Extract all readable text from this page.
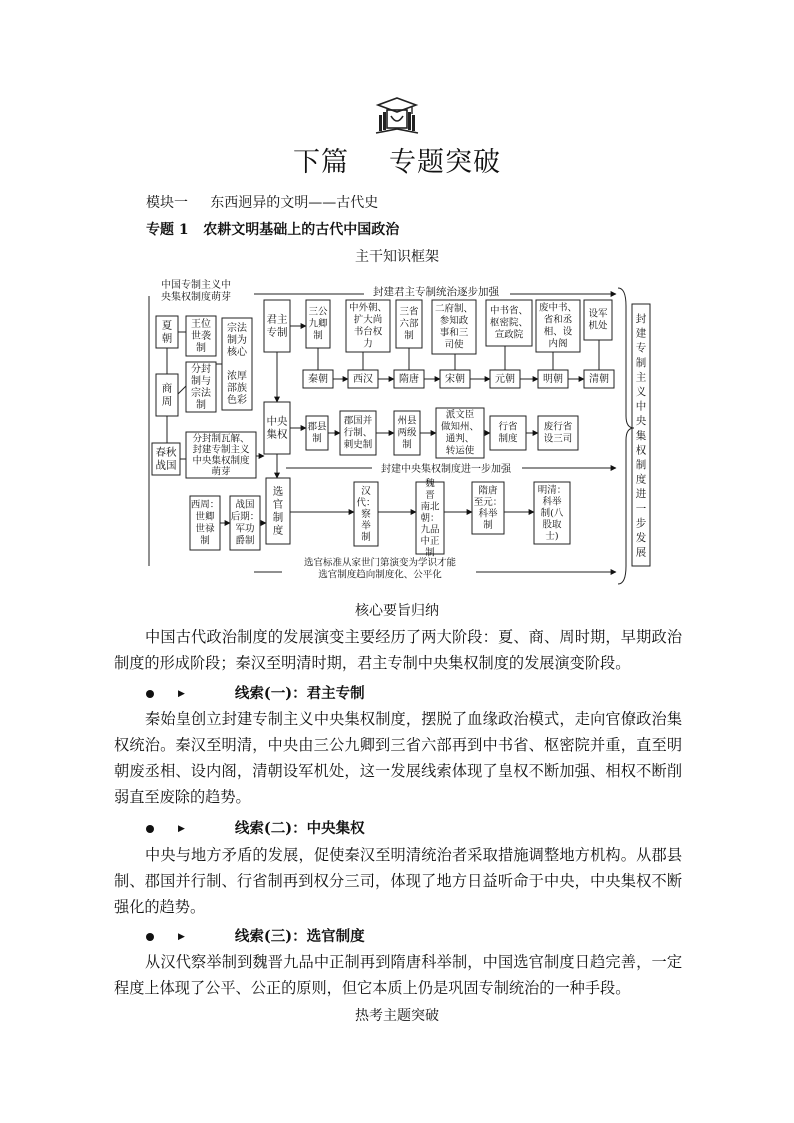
下篇 专题突破
模块一 东西迥异的文明——古代史
专题 1 农耕文明基础上的古代中国政治
主干知识框架
中国专制主义中央集权制度萌芽	封建君主专制统治逐步加强
夏朝
商周
春秋战国
王位世袭制
分封制与宗法制
宗法制为核心浓厚部族色彩
分封制瓦解、封建专制主义中央集权制度萌芽
君主专制
中央集权
选官制度
三公九卿制
中外朝、扩大尚书台权力
三省六部制
二府制、参知政事和三司使
中书省、枢密院、宣政院
废中书、省和丞相、设内阁
设军机处
秦朝	西汉	隋唐	宋朝	元朝	明朝	清朝
郡县制
郡国并行制、刺史制
州县两级制
派文臣做知州、通判、转运使
行省制度
废行省设三司
封建中央集权制度进一步加强
西周：世卿世禄制
战国后期：军功爵制
汉代：察举制
魏晋南北朝：九品中正制
隋唐至元：科举制
明清：科举制(八股取士)
选官标准从家世门第演变为学识才能选官制度趋向制度化、公平化
封建专制主义中央集权制度进一步发展
核心要旨归纳
中国古代政治制度的发展演变主要经历了两大阶段：夏、商、周时期，早期政治制度的形成阶段；秦汉至明清时期，君主专制中央集权制度的发展演变阶段。
▶	线索(一)：君主专制
秦始皇创立封建专制主义中央集权制度，摆脱了血缘政治模式，走向官僚政治集权统治。秦汉至明清，中央由三公九卿到三省六部再到中书省、枢密院并重，直至明朝废丞相、设内阁，清朝设军机处，这一发展线索体现了皇权不断加强、相权不断削弱直至废除的趋势。
▶	线索(二)：中央集权
中央与地方矛盾的发展，促使秦汉至明清统治者采取措施调整地方机构。从郡县制、郡国并行制、行省制再到权分三司，体现了地方日益听命于中央，中央集权不断强化的趋势。
▶	线索(三)：选官制度
从汉代察举制到魏晋九品中正制再到隋唐科举制，中国选官制度日趋完善，一定程度上体现了公平、公正的原则，但它本质上仍是巩固专制统治的一种手段。
热考主题突破
